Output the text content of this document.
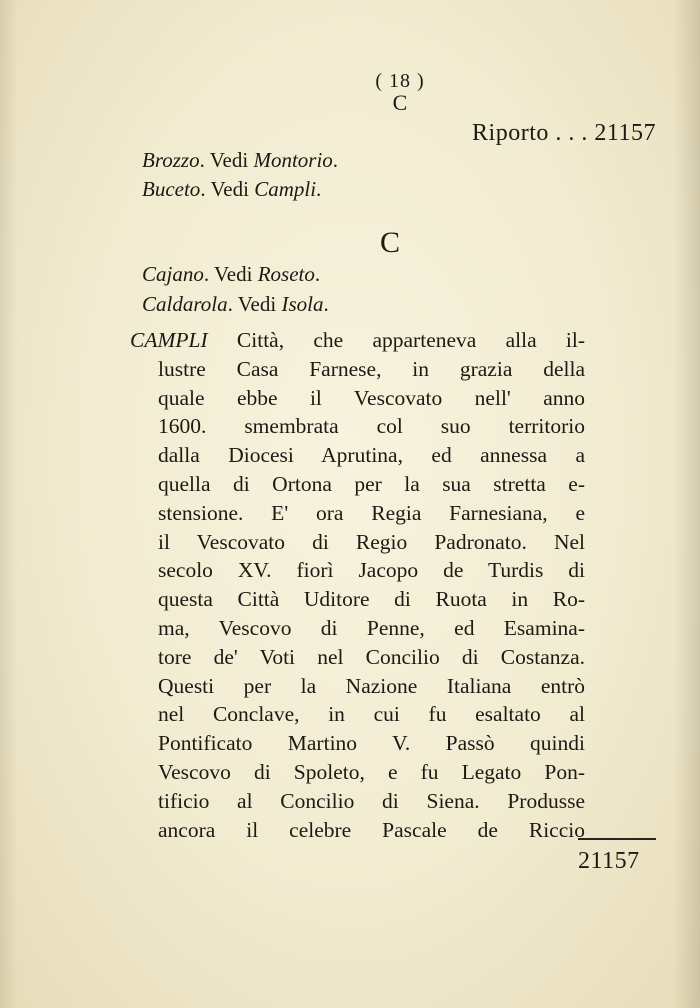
( 18 )
C
Riporto . . . 21157
Brozzo. Vedi Montorio.
Buceto. Vedi Campli.
C
Cajano. Vedi Roseto.
Caldarola. Vedi Isola.
CAMPLI Città, che apparteneva alla il-
lustre Casa Farnese, in grazia della
quale ebbe il Vescovato nell' anno
1600. smembrata col suo territorio
dalla Diocesi Aprutina, ed annessa a
quella di Ortona per la sua stretta e-
stensione. E' ora Regia Farnesiana, e
il Vescovato di Regio Padronato. Nel
secolo XV. fiorì Jacopo de Turdis di
questa Città Uditore di Ruota in Ro-
ma, Vescovo di Penne, ed Esamina-
tore de' Voti nel Concilio di Costanza.
Questi per la Nazione Italiana entrò
nel Conclave, in cui fu esaltato al
Pontificato Martino V. Passò quindi
Vescovo di Spoleto, e fu Legato Pon-
tificio al Concilio di Siena. Produsse
ancora il celebre Pascale de Riccio
21157
